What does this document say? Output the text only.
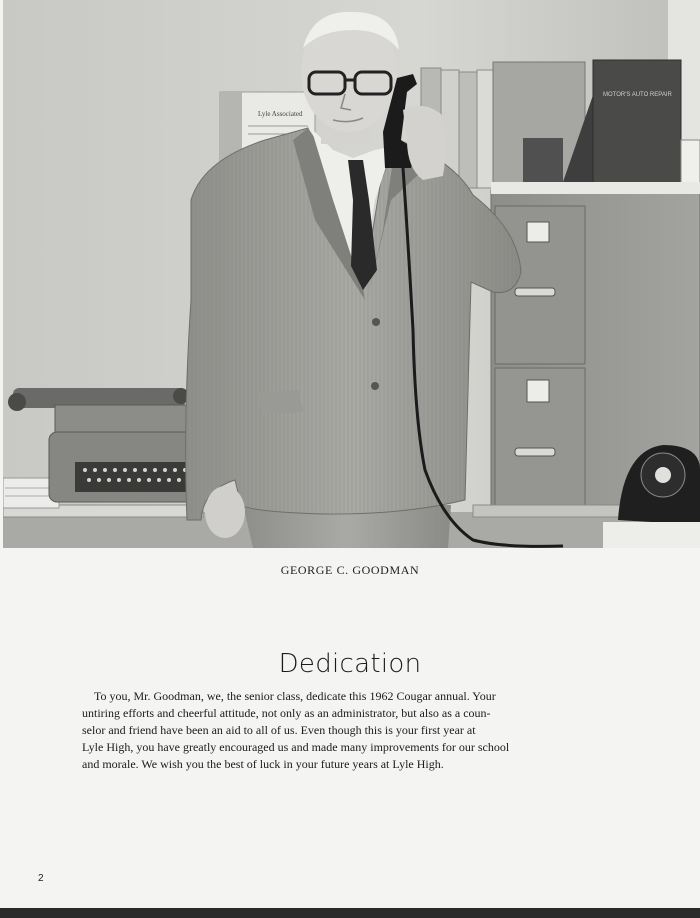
Lyle Associated
MOTOR'S AUTO REPAIR
GEORGE C. GOODMAN
Dedication
To you, Mr. Goodman, we, the senior class, dedicate this 1962 Cougar annual. Your
untiring efforts and cheerful attitude, not only as an administrator, but also as a coun-
selor and friend have been an aid to all of us. Even though this is your first year at
Lyle High, you have greatly encouraged us and made many improvements for our school
and morale. We wish you the best of luck in your future years at Lyle High.
2
